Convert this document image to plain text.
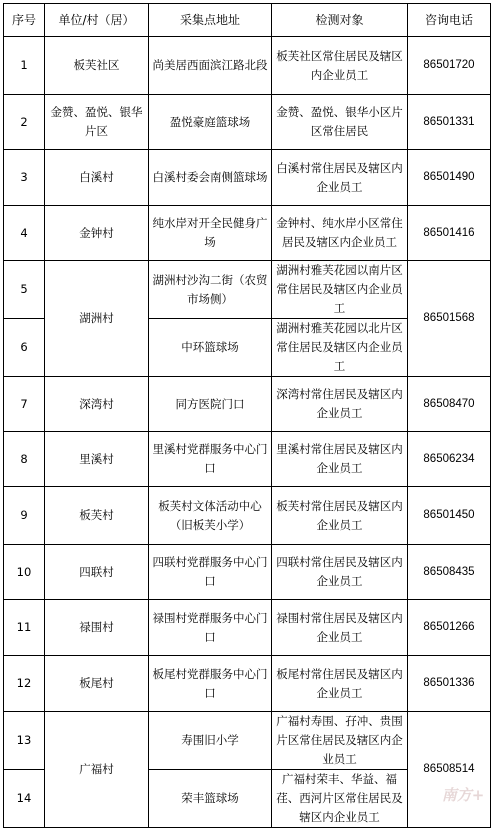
序号	单位/村（居）	采集点地址	检测对象	咨询电话
1	板芙社区	尚美居西面滨江路北段	板芙社区常住居民及辖区内企业员工	86501720
2	金赞、盈悦、银华片区	盈悦豪庭篮球场	金赞、盈悦、银华小区片区常住居民	86501331
3	白溪村	白溪村委会南侧篮球场	白溪村常住居民及辖区内企业员工	86501490
4	金钟村	纯水岸对开全民健身广场	金钟村、纯水岸小区常住居民及辖区内企业员工	86501416
5	湖洲村	湖洲村沙沟二街（农贸市场侧）	湖洲村雅芙花园以南片区常住居民及辖区内企业员工	86501568
6		中环篮球场	湖洲村雅芙花园以北片区常住居民及辖区内企业员工	
7	深湾村	同方医院门口	深湾村常住居民及辖区内企业员工	86508470
8	里溪村	里溪村党群服务中心门口	里溪村常住居民及辖区内企业员工	86506234
9	板芙村	板芙村文体活动中心（旧板芙小学）	板芙村常住居民及辖区内企业员工	86501450
10	四联村	四联村党群服务中心门口	四联村常住居民及辖区内企业员工	86508435
11	禄围村	禄围村党群服务中心门口	禄围村常住居民及辖区内企业员工	86501266
12	板尾村	板尾村党群服务中心门口	板尾村常住居民及辖区内企业员工	86501336
13	广福村	寿围旧小学	广福村寿围、孖冲、贵围片区常住居民及辖区内企业员工	86508514
14		荣丰篮球场	广福村荣丰、华益、福荏、西河片区常住居民及辖区内企业员工	
南方+
